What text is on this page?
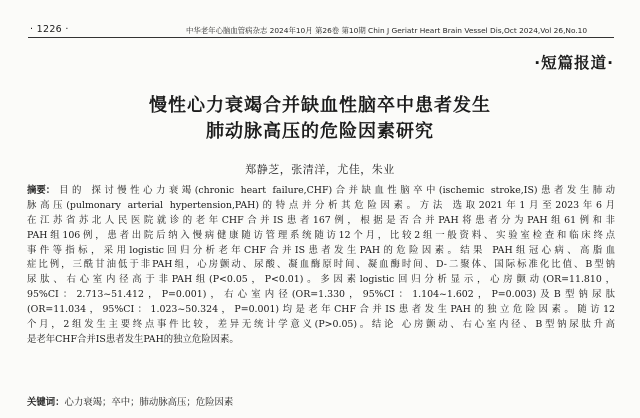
· 1226 ·	中华老年心脑血管病杂志 2024年10月 第26卷 第10期 Chin J Geriatr Heart Brain Vessel Dis,Oct 2024,Vol 26,No.10
·短篇报道·
慢性心力衰竭合并缺血性脑卒中患者发生
肺动脉高压的危险因素研究
郑静芝，张清洋，尤佳，朱业
摘要： 目的 探讨慢性心力衰竭(chronic heart failure,CHF)合并缺血性脑卒中(ischemic stroke,IS)患者发生肺动
脉高压(pulmonary arterial hypertension,PAH)的特点并分析其危险因素。方法 选取2021年1月至2023年6月
在江苏省苏北人民医院就诊的老年CHF合并IS患者167例，根据是否合并PAH将患者分为PAH组61例和非
PAH组106例，患者出院后纳入慢病健康随访管理系统随访12个月，比较2组一般资料、实验室检查和临床终点
事件等指标，采用logistic回归分析老年CHF合并IS患者发生PAH的危险因素。结果 PAH组冠心病、高脂血
症比例，三酰甘油低于非PAH组，心房颤动、尿酸、凝血酶原时间、凝血酶时间、D-二聚体、国际标准化比值、B型钠
尿肽、右心室内径高于非PAH组(P<0.05，P<0.01)。多因素logistic回归分析显示，心房颤动(OR=11.810，
95%CI：2.713~51.412，P=0.001)，右心室内径(OR=1.330，95%CI：1.104~1.602，P=0.003)及B型钠尿肽
(OR=11.034，95%CI：1.023~50.324，P=0.001)均是老年CHF合并IS患者发生PAH的独立危险因素。随访12
个月，2组发生主要终点事件比较，差异无统计学意义(P>0.05)。结论 心房颤动、右心室内径、B型钠尿肽升高
是老年CHF合并IS患者发生PAH的独立危险因素。
关键词：心力衰竭；卒中；肺动脉高压；危险因素
